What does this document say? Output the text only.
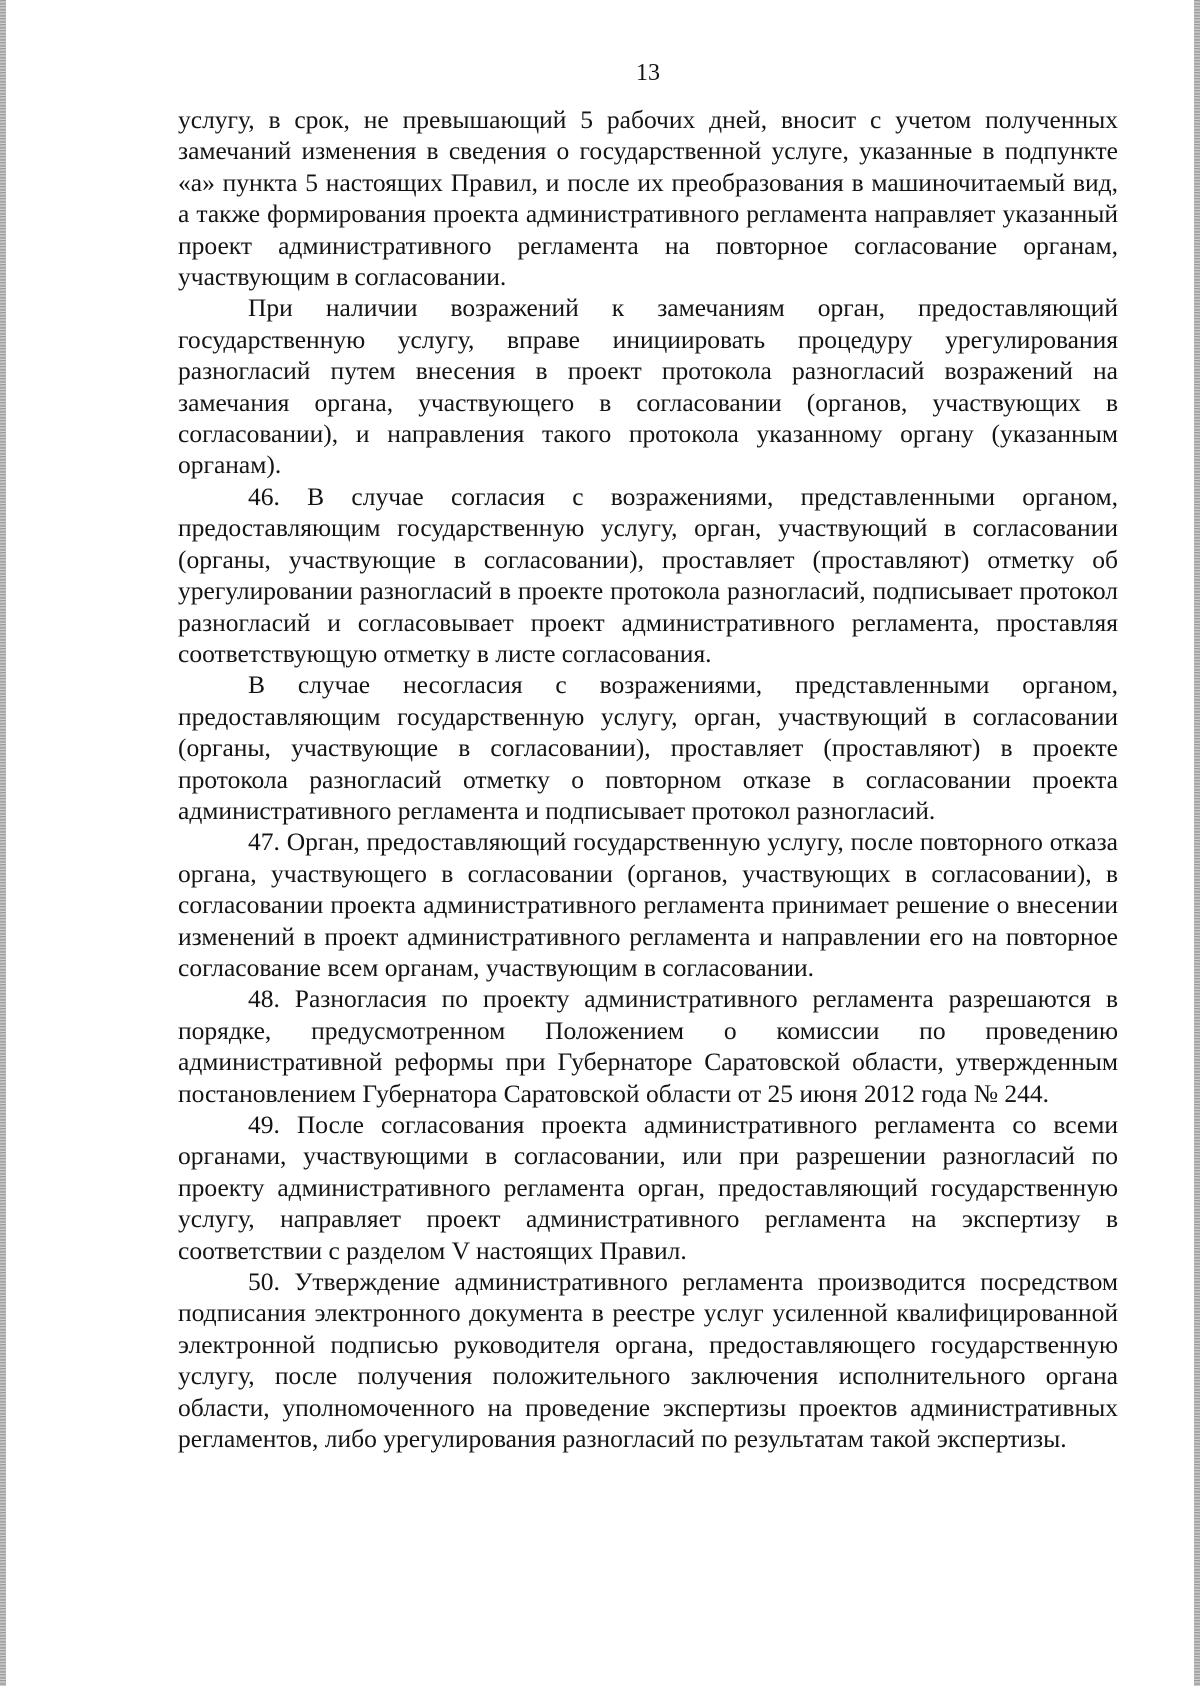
13

услугу, в срок, не превышающий 5 рабочих дней, вносит с учетом полученных замечаний изменения в сведения о государственной услуге, указанные в подпункте «а» пункта 5 настоящих Правил, и после их преобразования в машиночитаемый вид, а также формирования проекта административного регламента направляет указанный проект административного регламента на повторное согласование органам, участвующим в согласовании.

При наличии возражений к замечаниям орган, предоставляющий государственную услугу, вправе инициировать процедуру урегулирования разногласий путем внесения в проект протокола разногласий возражений на замечания органа, участвующего в согласовании (органов, участвующих в согласовании), и направления такого протокола указанному органу (указанным органам).

46. В случае согласия с возражениями, представленными органом, предоставляющим государственную услугу, орган, участвующий в согласовании (органы, участвующие в согласовании), проставляет (проставляют) отметку об урегулировании разногласий в проекте протокола разногласий, подписывает протокол разногласий и согласовывает проект административного регламента, проставляя соответствующую отметку в листе согласования.

В случае несогласия с возражениями, представленными органом, предоставляющим государственную услугу, орган, участвующий в согласовании (органы, участвующие в согласовании), проставляет (проставляют) в проекте протокола разногласий отметку о повторном отказе в согласовании проекта административного регламента и подписывает протокол разногласий.

47. Орган, предоставляющий государственную услугу, после повторного отказа органа, участвующего в согласовании (органов, участвующих в согласовании), в согласовании проекта административного регламента принимает решение о внесении изменений в проект административного регламента и направлении его на повторное согласование всем органам, участвующим в согласовании.

48. Разногласия по проекту административного регламента разрешаются в порядке, предусмотренном Положением о комиссии по проведению административной реформы при Губернаторе Саратовской области, утвержденным постановлением Губернатора Саратовской области от 25 июня 2012 года № 244.

49. После согласования проекта административного регламента со всеми органами, участвующими в согласовании, или при разрешении разногласий по проекту административного регламента орган, предоставляющий государственную услугу, направляет проект административного регламента на экспертизу в соответствии с разделом V настоящих Правил.

50. Утверждение административного регламента производится посредством подписания электронного документа в реестре услуг усиленной квалифицированной электронной подписью руководителя органа, предоставляющего государственную услугу, после получения положительного заключения исполнительного органа области, уполномоченного на проведение экспертизы проектов административных регламентов, либо урегулирования разногласий по результатам такой экспертизы.
